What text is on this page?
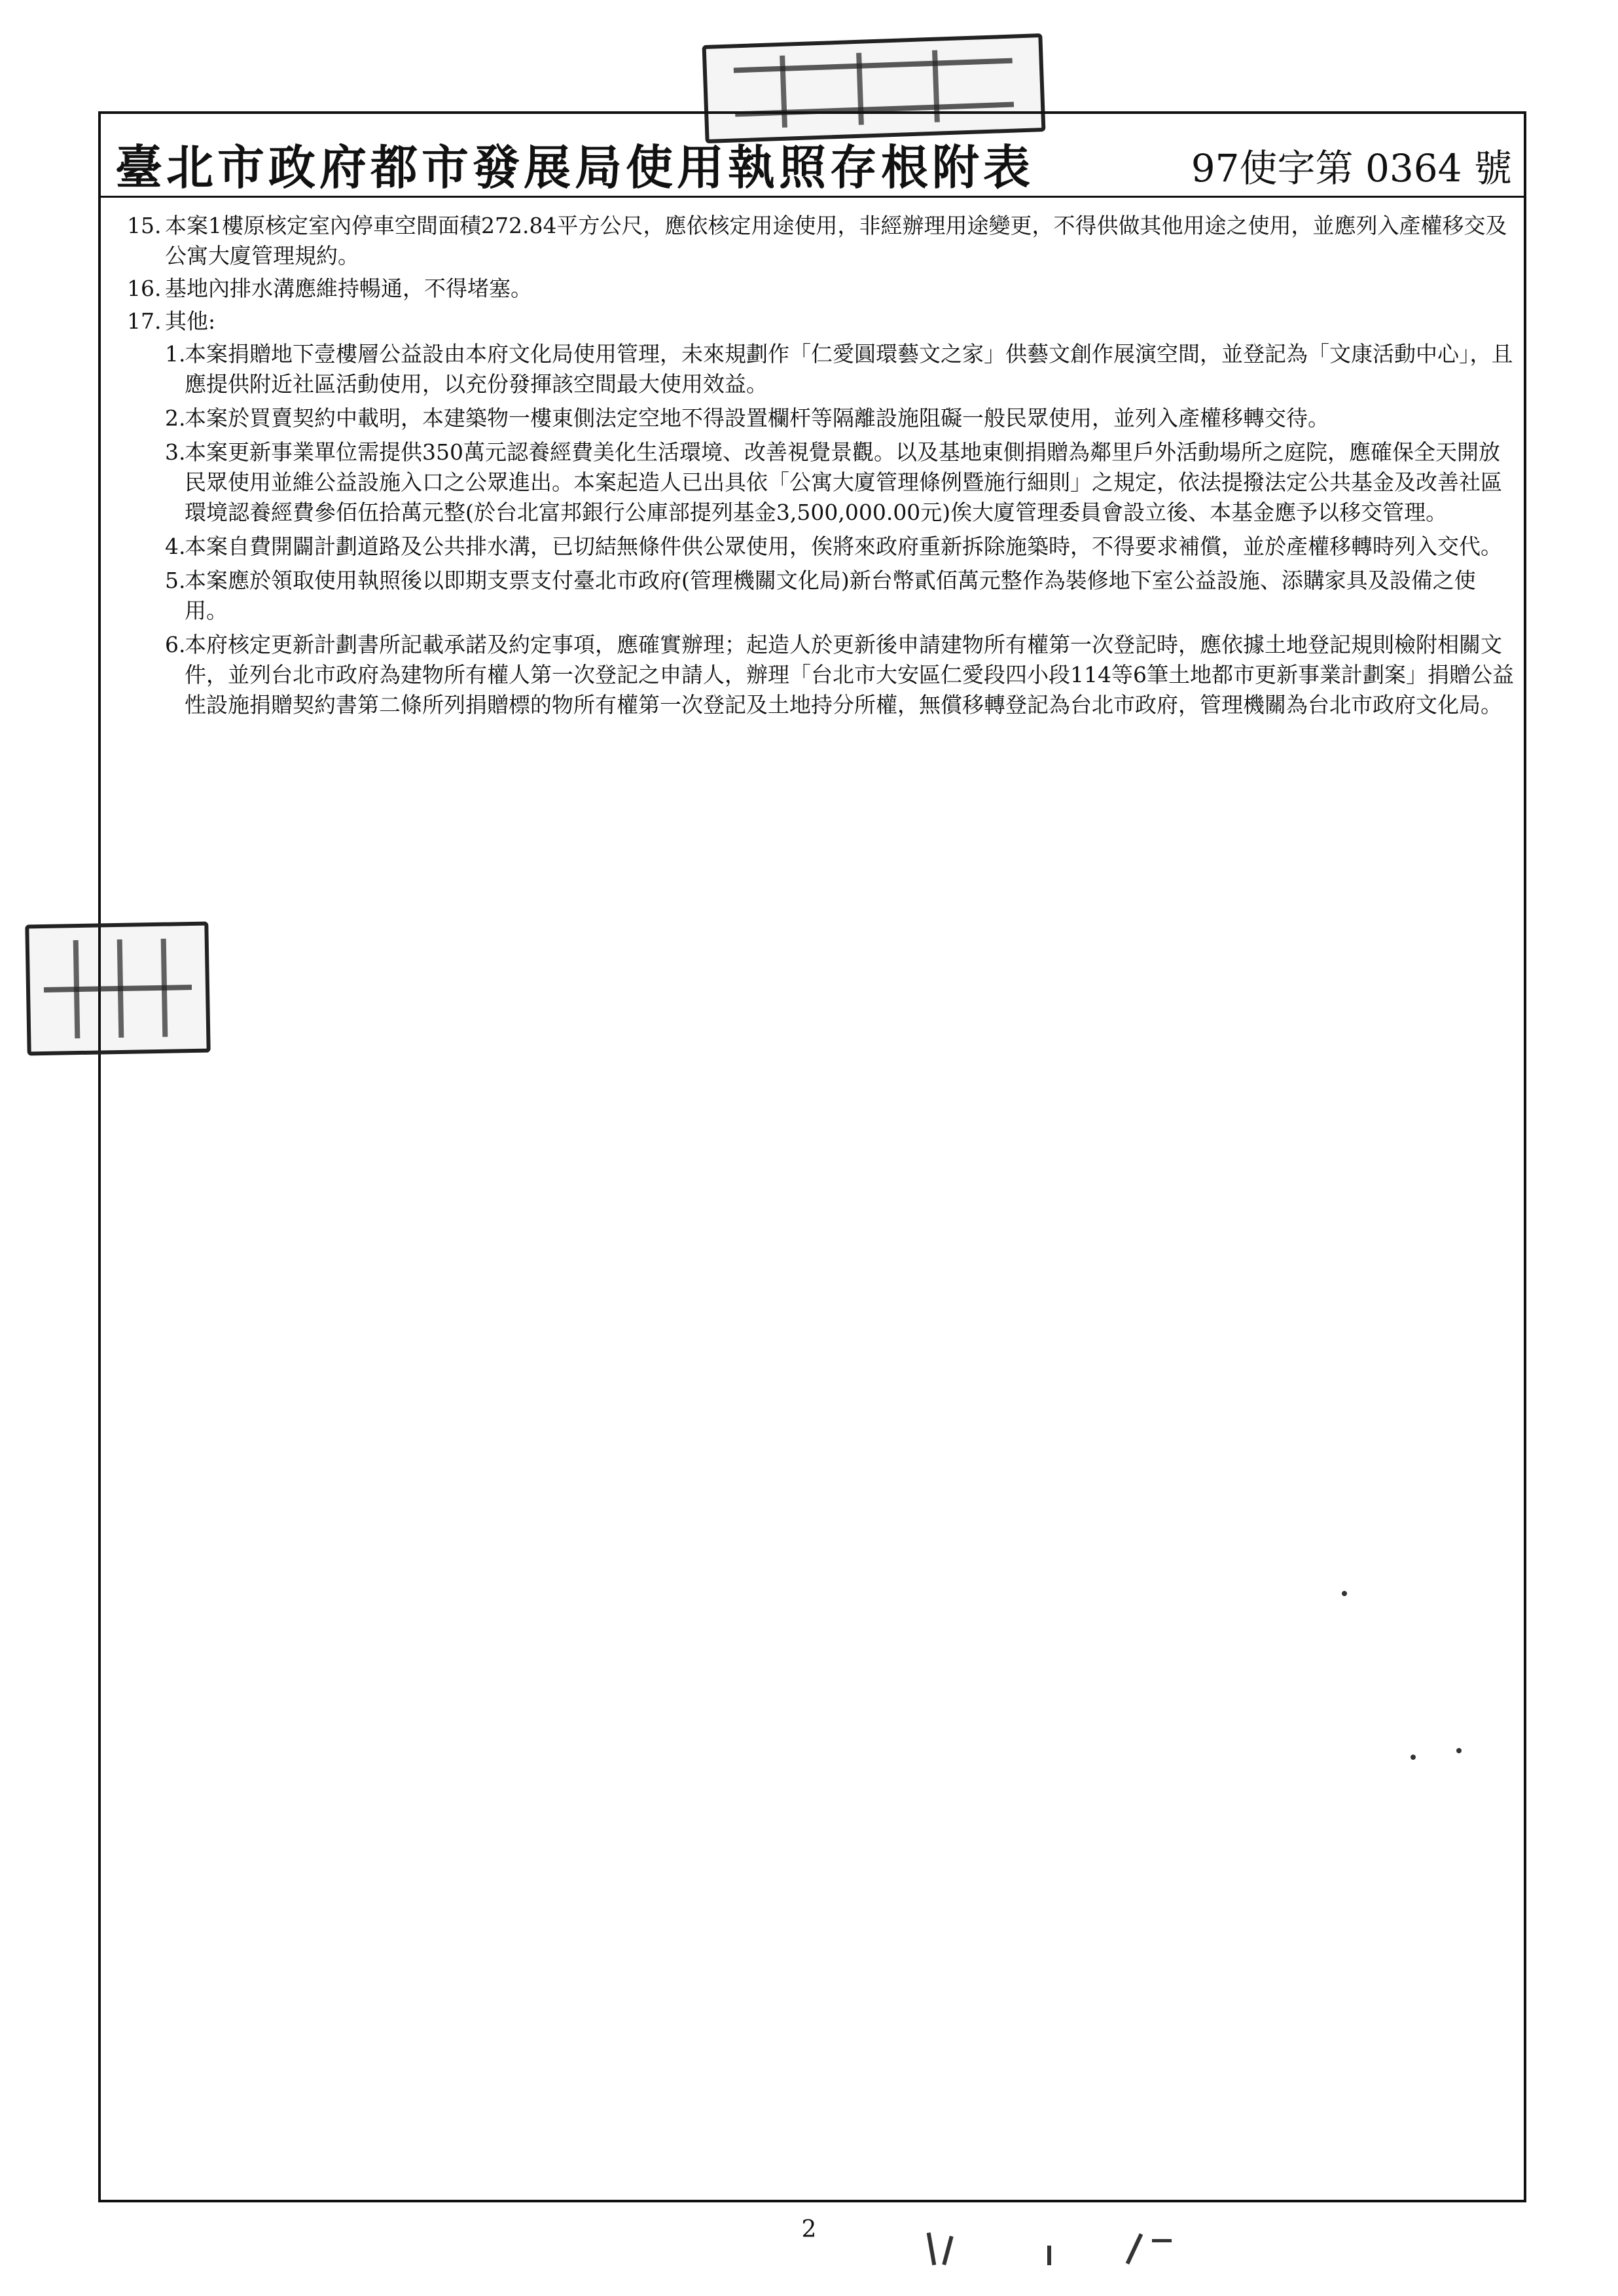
臺北市政府都市發展局使用執照存根附表	97使字第 0364 號
15. 本案1樓原核定室內停車空間面積272.84平方公尺，應依核定用途使用，非經辦理用途變更，不得供做其他用途之使用，並應列入產權移交及公寓大廈管理規約。
16. 基地內排水溝應維持暢通，不得堵塞。
17. 其他:
1.
本案捐贈地下壹樓層公益設由本府文化局使用管理，未來規劃作「仁愛圓環藝文之家」供藝文創作展演空間，並登記為「文康活動中心」，且應提供附近社區活動使用，以充份發揮該空間最大使用效益。
2.
本案於買賣契約中載明，本建築物一樓東側法定空地不得設置欄杆等隔離設施阻礙一般民眾使用，並列入產權移轉交待。
3.
本案更新事業單位需提供350萬元認養經費美化生活環境、改善視覺景觀。以及基地東側捐贈為鄰里戶外活動場所之庭院，應確保全天開放民眾使用並維公益設施入口之公眾進出。本案起造人已出具依「公寓大廈管理條例暨施行細則」之規定，依法提撥法定公共基金及改善社區環境認養經費參佰伍拾萬元整(於台北富邦銀行公庫部提列基金3,500,000.00元)俟大廈管理委員會設立後、本基金應予以移交管理。
4.
本案自費開闢計劃道路及公共排水溝，已切結無條件供公眾使用，俟將來政府重新拆除施築時，不得要求補償，並於產權移轉時列入交代。
5.
本案應於領取使用執照後以即期支票支付臺北市政府(管理機關文化局)新台幣貳佰萬元整作為裝修地下室公益設施、添購家具及設備之使用。
6.
本府核定更新計劃書所記載承諾及約定事項，應確實辦理；起造人於更新後申請建物所有權第一次登記時，應依據土地登記規則檢附相關文件，並列台北市政府為建物所有權人第一次登記之申請人，辦理「台北市大安區仁愛段四小段114等6筆土地都市更新事業計劃案」捐贈公益性設施捐贈契約書第二條所列捐贈標的物所有權第一次登記及土地持分所權，無償移轉登記為台北市政府，管理機關為台北市政府文化局。
2
